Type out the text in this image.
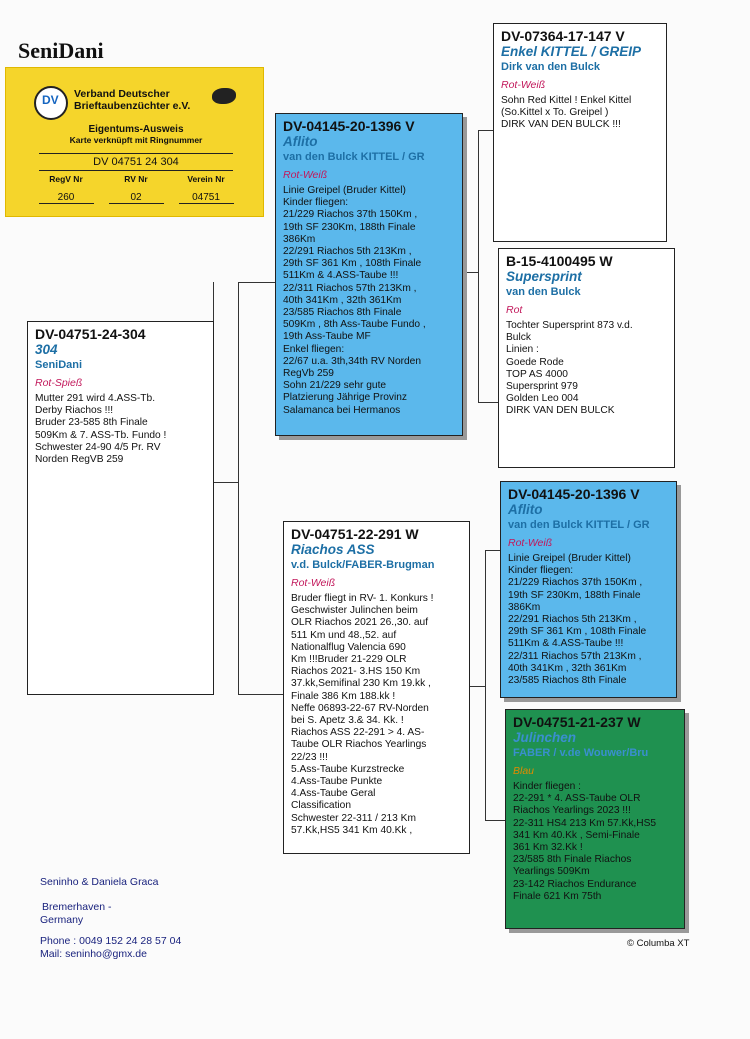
SeniDani
DV Verband Deutscher
Brieftaubenzüchter e.V.
Eigentums-Ausweis
Karte verknüpft mit Ringnummer
DV 04751 24 304
RegV Nr	RV Nr	Verein Nr
260	02	04751
DV-04751-24-304
304
SeniDani
Rot-Spieß
Mutter 291 wird 4.ASS-Tb.
Derby Riachos !!!
Bruder 23-585 8th Finale
509Km & 7. ASS-Tb. Fundo !
Schwester 24-90 4/5 Pr. RV
Norden RegVB 259
DV-04145-20-1396 V
Aflito
van den Bulck KITTEL / GR
Rot-Weiß
Linie Greipel (Bruder Kittel)
Kinder fliegen:
21/229 Riachos 37th 150Km ,
19th SF 230Km, 188th Finale
386Km
22/291 Riachos 5th 213Km ,
29th SF 361 Km , 108th Finale
511Km & 4.ASS-Taube !!!
22/311 Riachos 57th 213Km ,
40th 341Km , 32th 361Km
23/585 Riachos 8th Finale
509Km , 8th Ass-Taube Fundo ,
19th Ass-Taube MF
Enkel fliegen:
22/67 u.a. 3th,34th RV Norden
RegVb 259
Sohn 21/229 sehr gute
Platzierung Jährige Provinz
Salamanca bei Hermanos
DV-04751-22-291 W
Riachos ASS
v.d. Bulck/FABER-Brugman
Rot-Weiß
Bruder fliegt in RV- 1. Konkurs !
Geschwister Julinchen beim
OLR Riachos 2021 26.,30. auf
511 Km und 48.,52. auf
Nationalflug Valencia 690
Km !!!Bruder 21-229 OLR
Riachos 2021- 3.HS 150 Km
37.kk,Semifinal 230 Km 19.kk ,
Finale 386 Km 188.kk !
Neffe 06893-22-67 RV-Norden
bei S. Apetz 3.& 34. Kk. !
Riachos ASS 22-291 > 4. AS-
Taube OLR Riachos Yearlings
22/23 !!!
5.Ass-Taube Kurzstrecke
4.Ass-Taube Punkte
4.Ass-Taube Geral
Classification
Schwester 22-311 / 213 Km
57.Kk,HS5 341 Km 40.Kk ,
DV-07364-17-147 V
Enkel KITTEL / GREIP
Dirk van den Bulck
Rot-Weiß
Sohn Red Kittel ! Enkel Kittel
(So.Kittel x To. Greipel )
DIRK VAN DEN BULCK !!!
B-15-4100495 W
Supersprint
van den Bulck
Rot
Tochter Supersprint 873 v.d.
Bulck
Linien :
Goede Rode
TOP AS 4000
Supersprint 979
Golden Leo 004
DIRK VAN DEN BULCK
DV-04145-20-1396 V
Aflito
van den Bulck KITTEL / GR
Rot-Weiß
Linie Greipel (Bruder Kittel)
Kinder fliegen:
21/229 Riachos 37th 150Km ,
19th SF 230Km, 188th Finale
386Km
22/291 Riachos 5th 213Km ,
29th SF 361 Km , 108th Finale
511Km & 4.ASS-Taube !!!
22/311 Riachos 57th 213Km ,
40th 341Km , 32th 361Km
23/585 Riachos 8th Finale
DV-04751-21-237 W
Julinchen
FABER / v.de Wouwer/Bru
Blau
Kinder fliegen :
22-291 * 4. ASS-Taube OLR
Riachos Yearlings 2023 !!!
22-311 HS4 213 Km 57.Kk,HS5
341 Km 40.Kk , Semi-Finale
361 Km 32.Kk !
23/585 8th Finale Riachos
Yearlings 509Km
23-142 Riachos Endurance
Finale 621 Km 75th
Seninho & Daniela Graca
Bremerhaven -
Germany
Phone : 0049 152 24 28 57 04
Mail: seninho@gmx.de
© Columba XT
